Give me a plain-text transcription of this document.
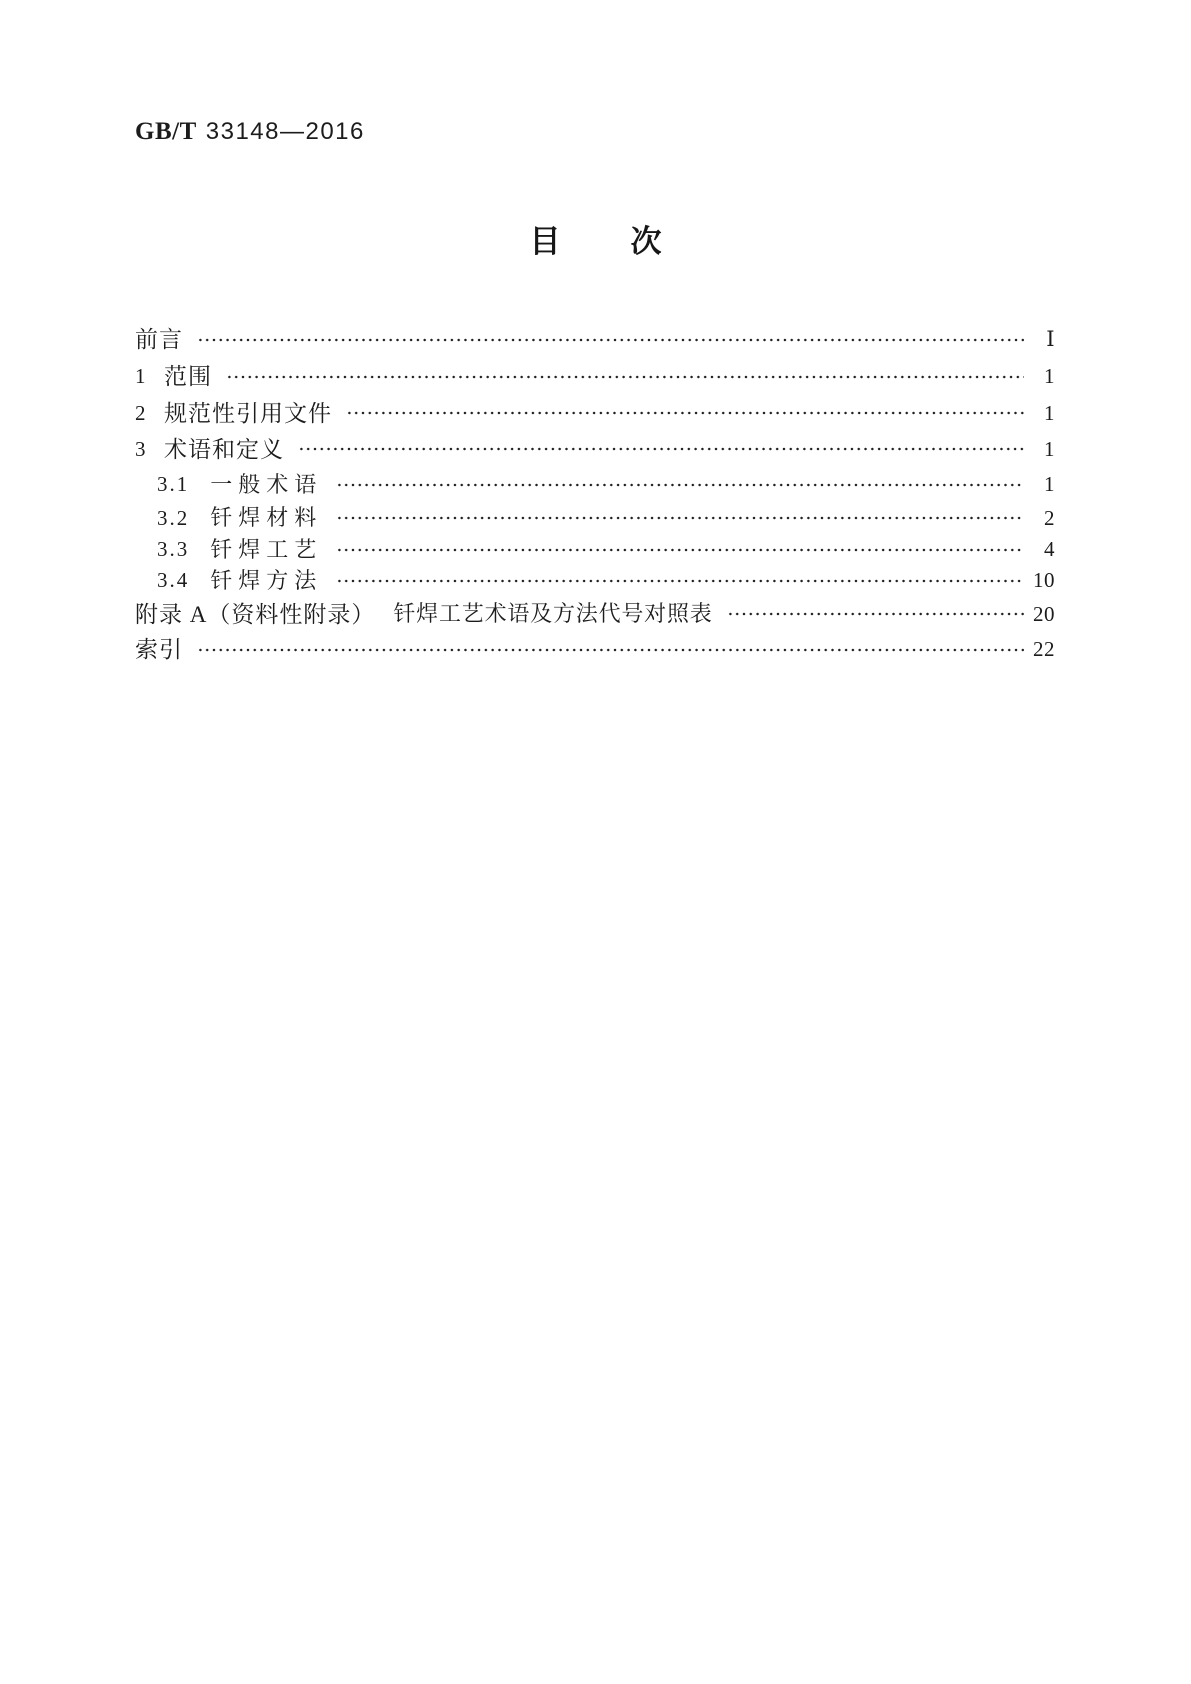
GB/T 33148—2016
目 次
前言	Ⅰ
1 范围	1
2 规范性引用文件	1
3 术语和定义	1
3.1 一般术语	1
3.2 钎焊材料	2
3.3 钎焊工艺	4
3.4 钎焊方法	10
附录 A（资料性附录） 钎焊工艺术语及方法代号对照表	20
索引	22
